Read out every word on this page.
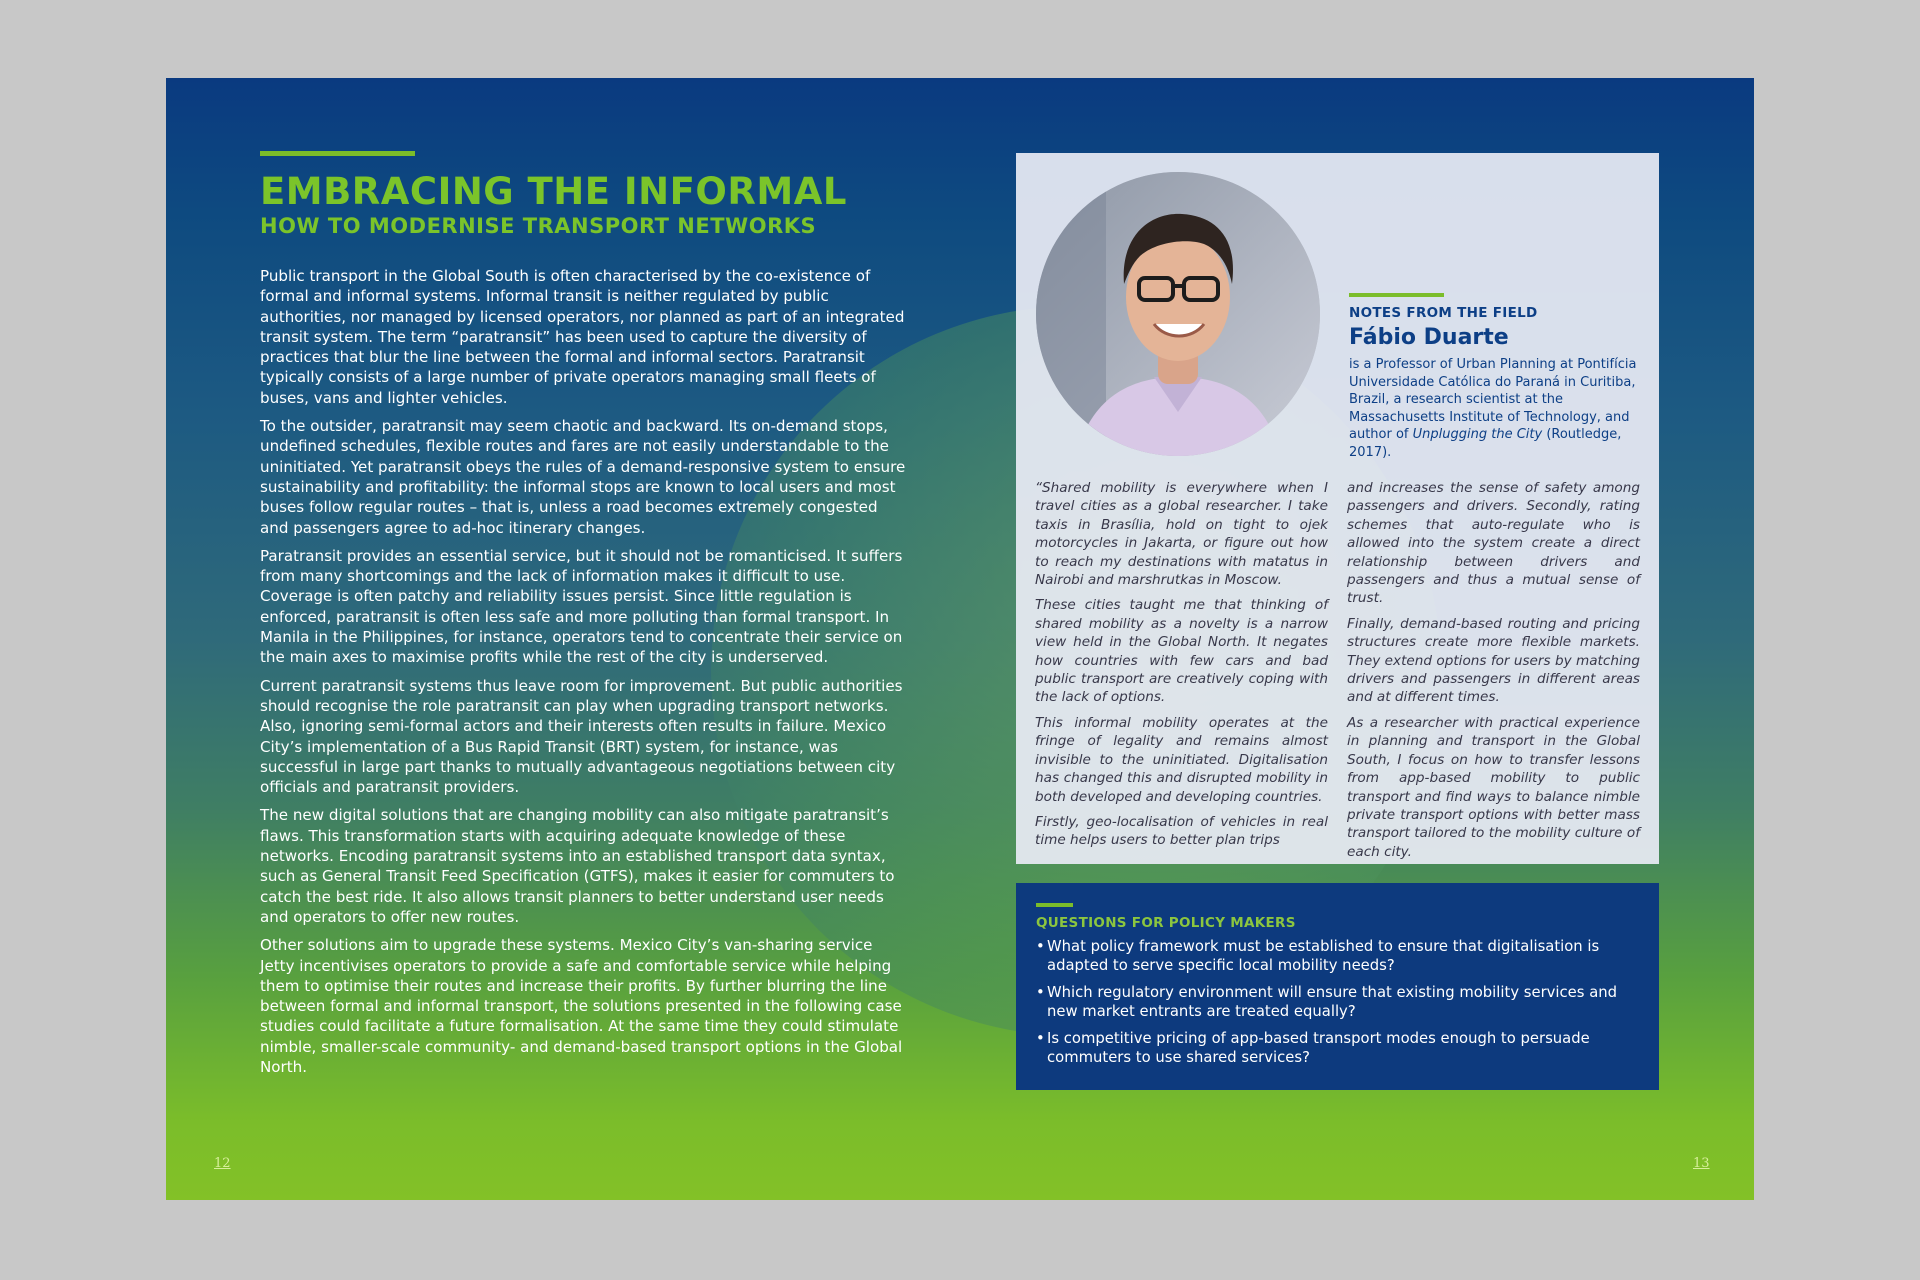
EMBRACING THE INFORMAL
HOW TO MODERNISE TRANSPORT NETWORKS

Public transport in the Global South is often characterised by the co-existence of formal and informal systems. Informal transit is neither regulated by public authorities, nor managed by licensed operators, nor planned as part of an integrated transit system. The term “paratransit” has been used to capture the diversity of practices that blur the line between the formal and informal sectors. Paratransit typically consists of a large number of private operators managing small fleets of buses, vans and lighter vehicles.

To the outsider, paratransit may seem chaotic and backward. Its on-demand stops, undefined schedules, flexible routes and fares are not easily understandable to the uninitiated. Yet paratransit obeys the rules of a demand-responsive system to ensure sustainability and profitability: the informal stops are known to local users and most buses follow regular routes – that is, unless a road becomes extremely congested and passengers agree to ad-hoc itinerary changes.

Paratransit provides an essential service, but it should not be romanticised. It suffers from many shortcomings and the lack of information makes it difficult to use. Coverage is often patchy and reliability issues persist. Since little regulation is enforced, paratransit is often less safe and more polluting than formal transport. In Manila in the Philippines, for instance, operators tend to concentrate their service on the main axes to maximise profits while the rest of the city is underserved.

Current paratransit systems thus leave room for improvement. But public authorities should recognise the role paratransit can play when upgrading transport networks. Also, ignoring semi-formal actors and their interests often results in failure. Mexico City’s implementation of a Bus Rapid Transit (BRT) system, for instance, was successful in large part thanks to mutually advantageous negotiations between city officials and paratransit providers.

The new digital solutions that are changing mobility can also mitigate paratransit’s flaws. This transformation starts with acquiring adequate knowledge of these networks. Encoding paratransit systems into an established transport data syntax, such as General Transit Feed Specification (GTFS), makes it easier for commuters to catch the best ride. It also allows transit planners to better understand user needs and operators to offer new routes.

Other solutions aim to upgrade these systems. Mexico City’s van-sharing service Jetty incentivises operators to provide a safe and comfortable service while helping them to optimise their routes and increase their profits. By further blurring the line between formal and informal transport, the solutions presented in the following case studies could facilitate a future formalisation. At the same time they could stimulate nimble, smaller-scale community- and demand-based transport options in the Global North.

12	13
NOTES FROM THE FIELD
Fábio Duarte
is a Professor of Urban Planning at Pontifícia Universidade Católica do Paraná in Curitiba, Brazil, a research scientist at the Massachusetts Institute of Technology, and author of Unplugging the City (Routledge, 2017).

“Shared mobility is everywhere when I travel cities as a global researcher. I take taxis in Brasília, hold on tight to ojek motorcycles in Jakarta, or figure out how to reach my destinations with matatus in Nairobi and marshrutkas in Moscow.

These cities taught me that thinking of shared mobility as a novelty is a narrow view held in the Global North. It negates how countries with few cars and bad public transport are creatively coping with the lack of options.

This informal mobility operates at the fringe of legality and remains almost invisible to the uninitiated. Digitalisation has changed this and disrupted mobility in both developed and developing countries.

Firstly, geo-localisation of vehicles in real time helps users to better plan trips

and increases the sense of safety among passengers and drivers. Secondly, rating schemes that auto-regulate who is allowed into the system create a direct relationship between drivers and passengers and thus a mutual sense of trust.

Finally, demand-based routing and pricing structures create more flexible markets. They extend options for users by matching drivers and passengers in different areas and at different times.

As a researcher with practical experience in planning and transport in the Global South, I focus on how to transfer lessons from app-based mobility to public transport and find ways to balance nimble private transport options with better mass transport tailored to the mobility culture of each city.

QUESTIONS FOR POLICY MAKERS
• What policy framework must be established to ensure that digitalisation is adapted to serve specific local mobility needs?
• Which regulatory environment will ensure that existing mobility services and new market entrants are treated equally?
• Is competitive pricing of app-based transport modes enough to persuade commuters to use shared services?
